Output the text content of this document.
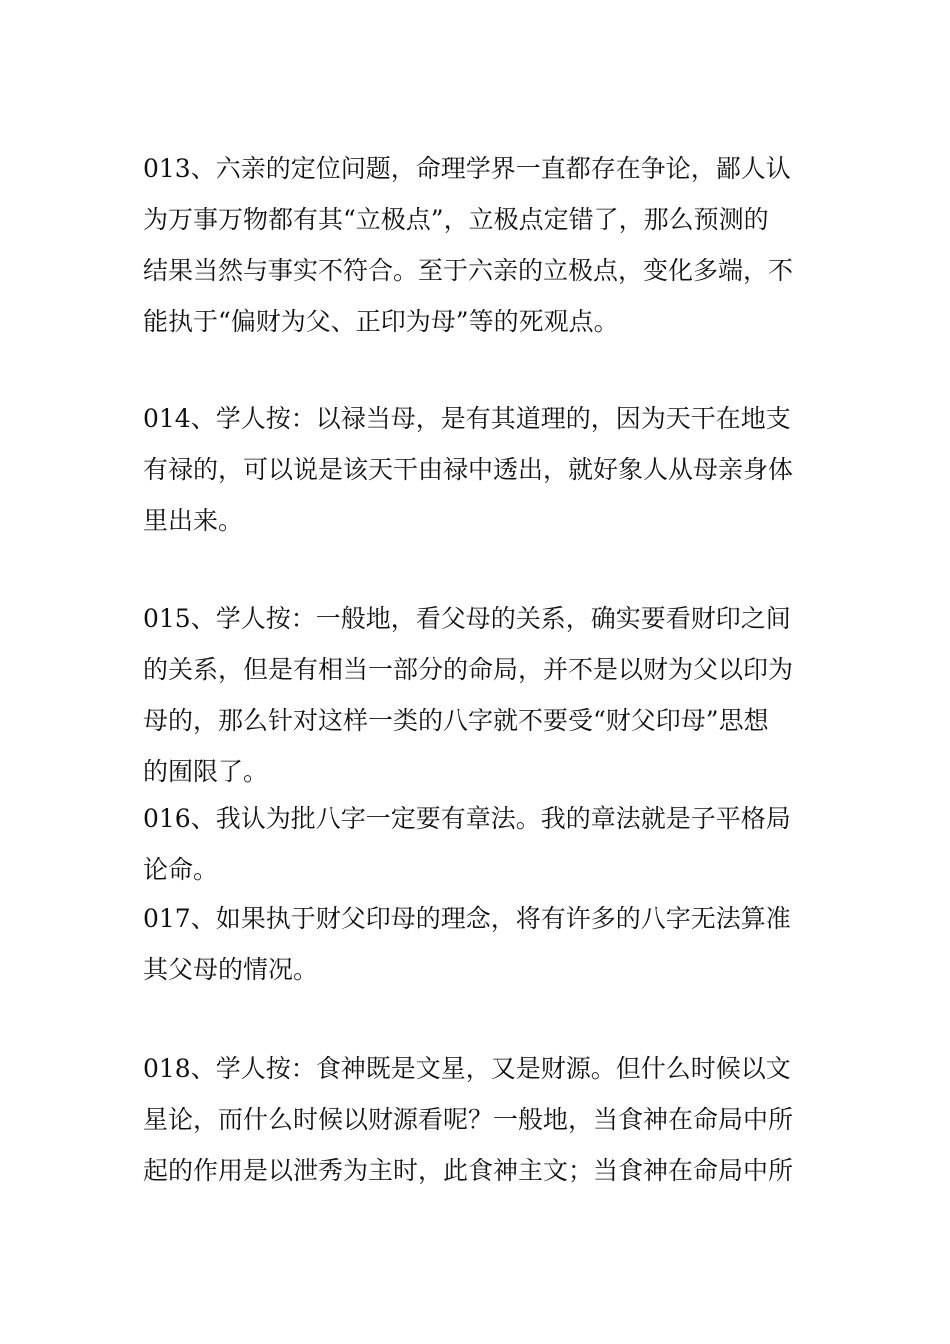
013、六亲的定位问题，命理学界一直都存在争论，鄙人认
为万事万物都有其“立极点”，立极点定错了，那么预测的
结果当然与事实不符合。至于六亲的立极点，变化多端，不
能执于“偏财为父、正印为母”等的死观点。
014、学人按：以禄当母，是有其道理的，因为天干在地支
有禄的，可以说是该天干由禄中透出，就好象人从母亲身体
里出来。
015、学人按：一般地，看父母的关系，确实要看财印之间
的关系，但是有相当一部分的命局，并不是以财为父以印为
母的，那么针对这样一类的八字就不要受“财父印母”思想
的囿限了。
016、我认为批八字一定要有章法。我的章法就是子平格局
论命。
017、如果执于财父印母的理念，将有许多的八字无法算准
其父母的情况。
018、学人按：食神既是文星，又是财源。但什么时候以文
星论，而什么时候以财源看呢？一般地，当食神在命局中所
起的作用是以泄秀为主时，此食神主文；当食神在命局中所
